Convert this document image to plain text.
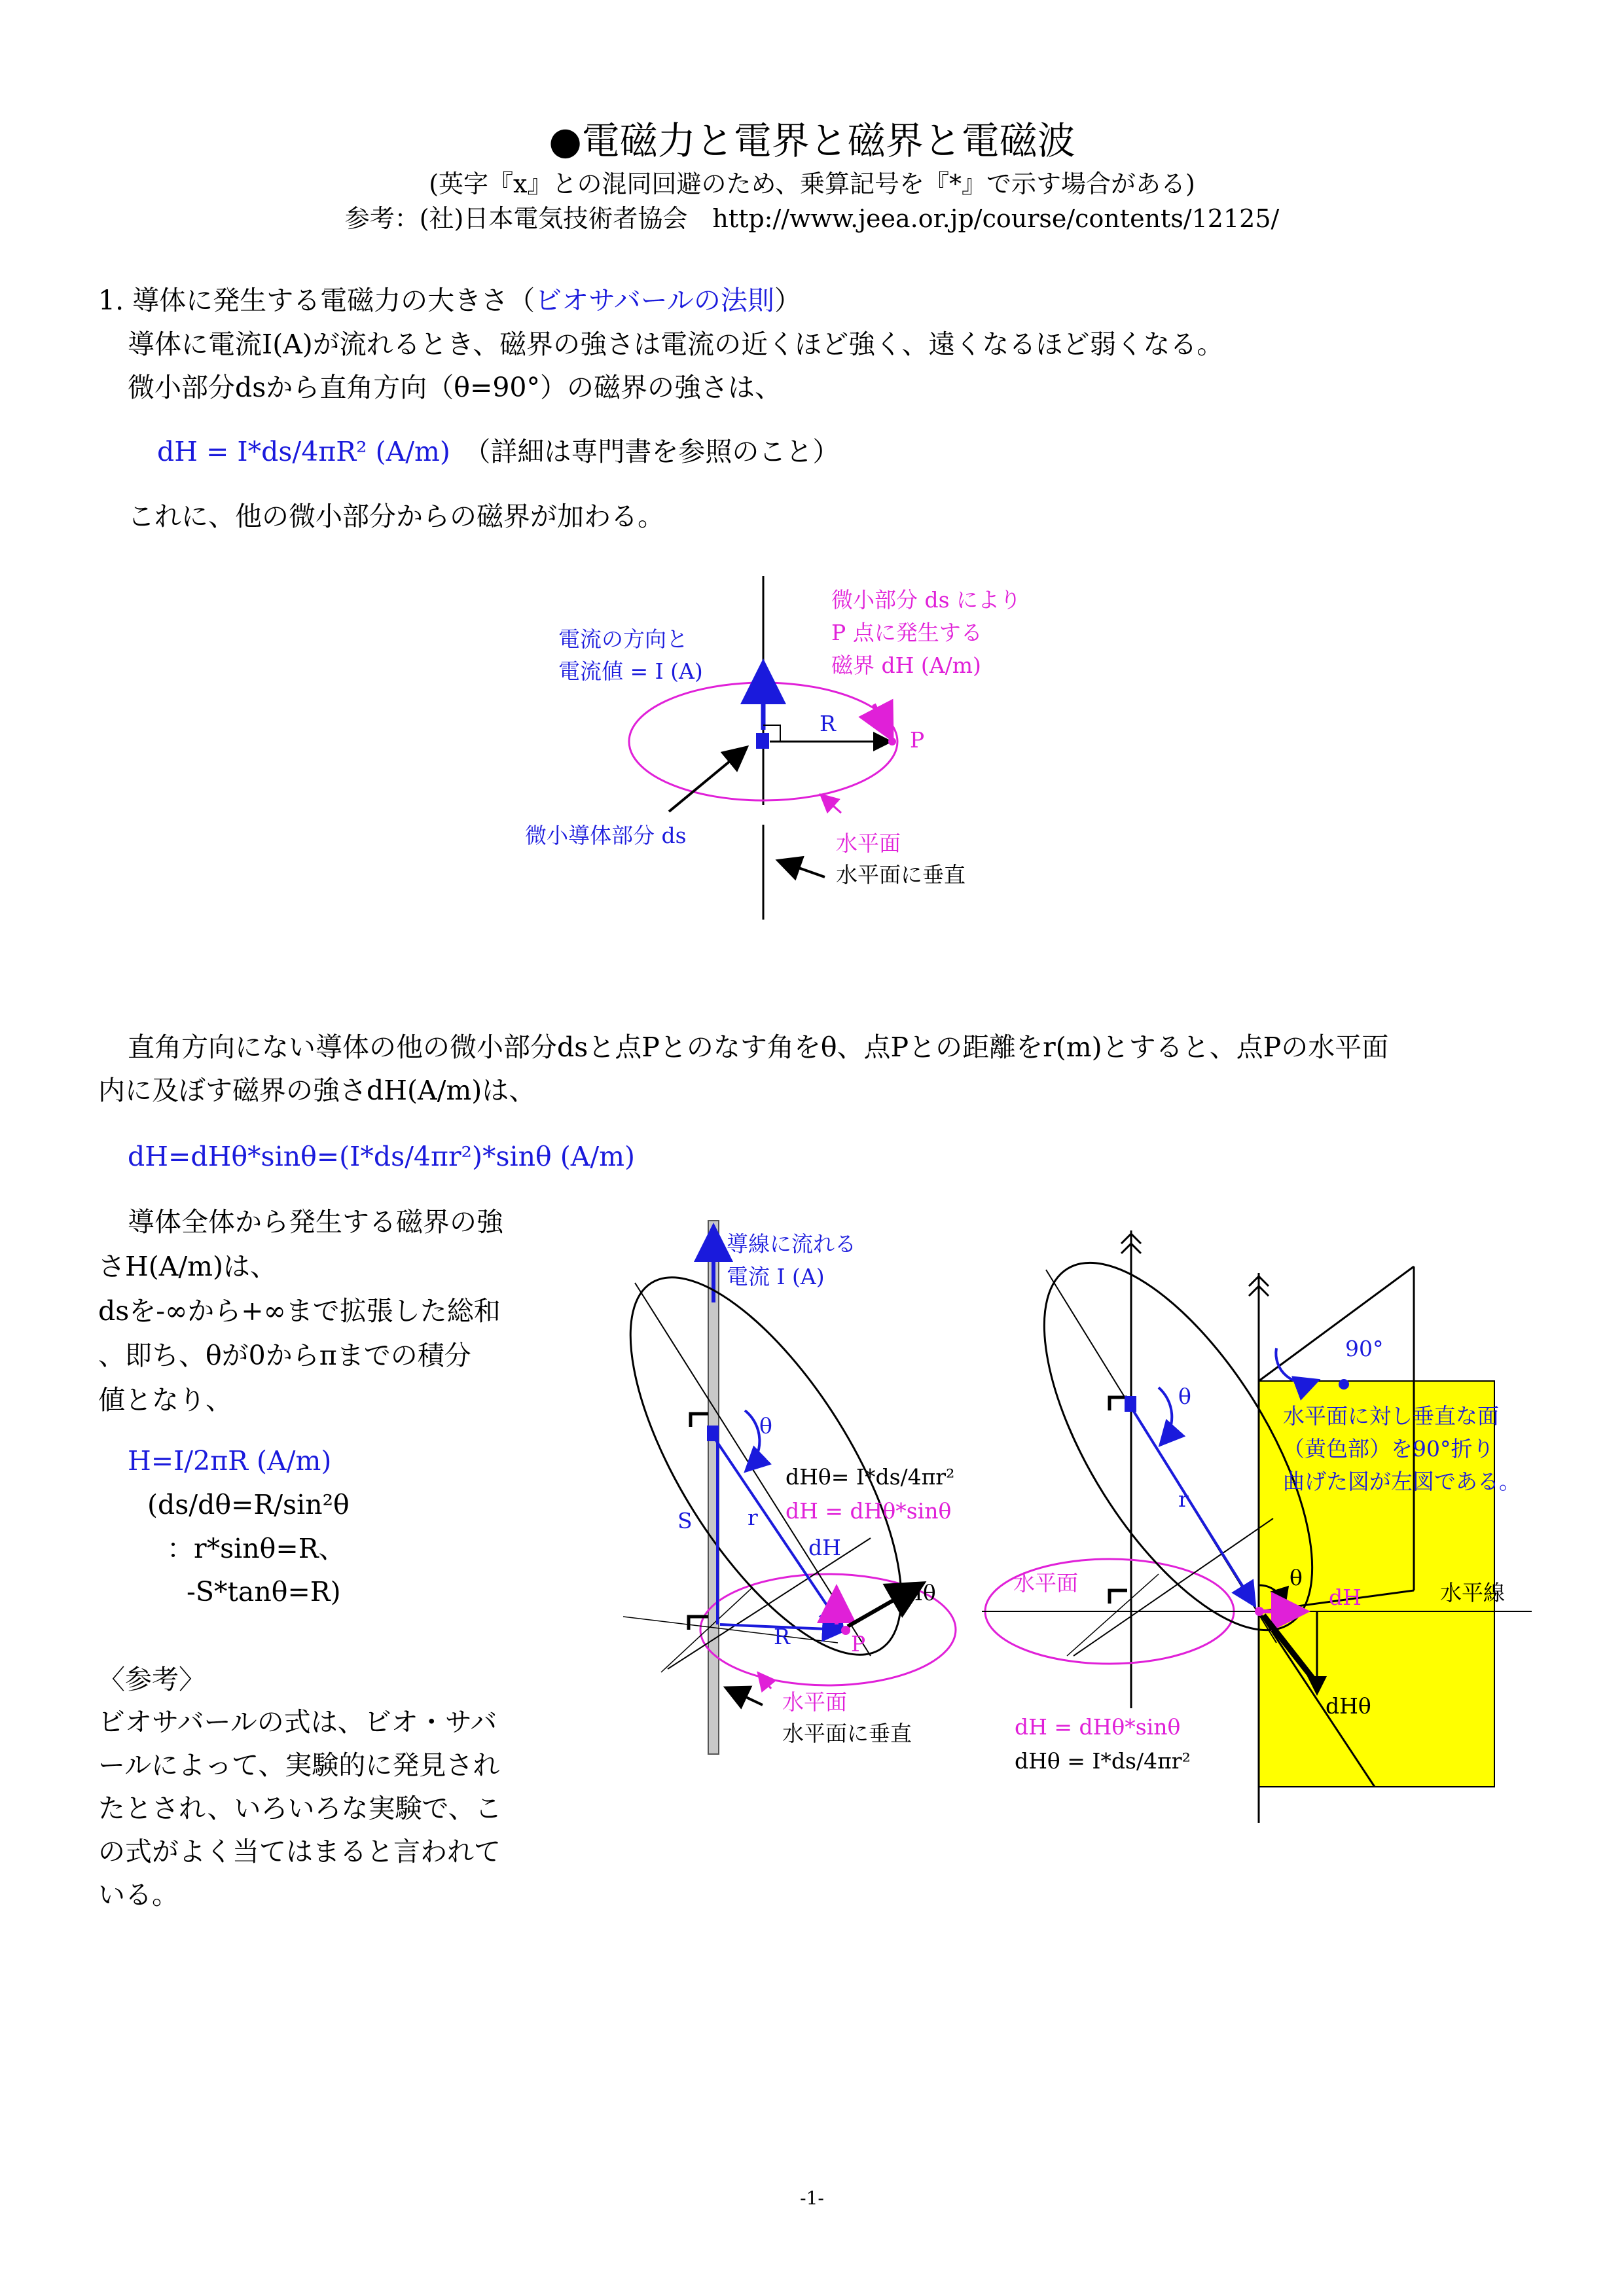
●電磁力と電界と磁界と電磁波
(英字『x』との混同回避のため、乗算記号を『*』で示す場合がある)
参考：(社)日本電気技術者協会　http://www.jeea.or.jp/course/contents/12125/
1. 導体に発生する電磁力の大きさ（ビオサバールの法則）
導体に電流I(A)が流れるとき、磁界の強さは電流の近くほど強く、遠くなるほど弱くなる。
微小部分dsから直角方向（θ=90°）の磁界の強さは、
dH = I*ds/4πR² (A/m)　 （詳細は専門書を参照のこと）
これに、他の微小部分からの磁界が加わる。
電流の方向と
電流値 = I (A)
微小部分 ds により
P 点に発生する
磁界 dH (A/m)
R
P
微小導体部分 ds	水平面
水平面に垂直
直角方向にない導体の他の微小部分dsと点Pとのなす角をθ、点Pとの距離をr(m)とすると、点Pの水平面
内に及ぼす磁界の強さdH(A/m)は、
dH=dHθ*sinθ=(I*ds/4πr²)*sinθ (A/m)
導体全体から発生する磁界の強
さH(A/m)は、
dsを-∞から+∞まで拡張した総和
、即ち、θが0からπまでの積分
値となり、
H=I/2πR (A/m)
(ds/dθ=R/sin²θ
：r*sinθ=R、
-S*tanθ=R)
〈参考〉
ビオサバールの式は、ビオ・サバ
ールによって、実験的に発見され
たとされ、いろいろな実験で、こ
の式がよく当てはまると言われて
いる。
導線に流れる
電流 I (A)
θ
dHθ= I*ds/4πr²
dH = dHθ*sinθ
r
S
dH
dHθ
R	P
水平面
水平面に垂直
90°
水平面に対し垂直な面
（黄色部）を90°折り
曲げた図が左図である。
θ
r
水平面	θ
dH	水平線
dHθ
dH = dHθ*sinθ
dHθ = I*ds/4πr²
-1-
